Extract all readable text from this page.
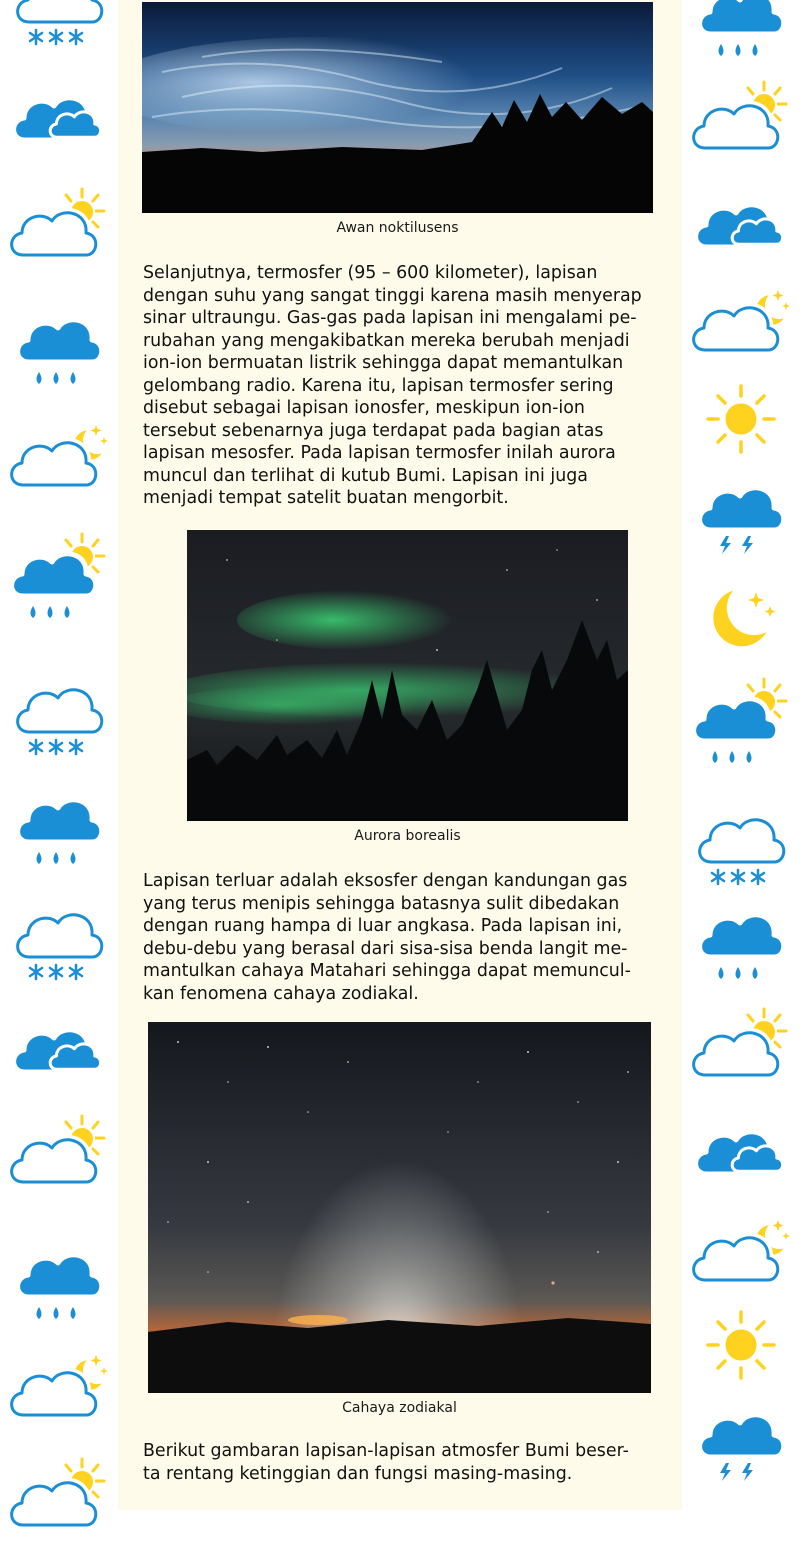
Awan noktilusens
Selanjutnya, termosfer (95 – 600 kilometer), lapisan
dengan suhu yang sangat tinggi karena masih menyerap
sinar ultraungu. Gas-gas pada lapisan ini mengalami pe-
rubahan yang mengakibatkan mereka berubah menjadi
ion-ion bermuatan listrik sehingga dapat memantulkan
gelombang radio. Karena itu, lapisan termosfer sering
disebut sebagai lapisan ionosfer, meskipun ion-ion
tersebut sebenarnya juga terdapat pada bagian atas
lapisan mesosfer. Pada lapisan termosfer inilah aurora
muncul dan terlihat di kutub Bumi. Lapisan ini juga
menjadi tempat satelit buatan mengorbit.
Aurora borealis
Lapisan terluar adalah eksosfer dengan kandungan gas
yang terus menipis sehingga batasnya sulit dibedakan
dengan ruang hampa di luar angkasa. Pada lapisan ini,
debu-debu yang berasal dari sisa-sisa benda langit me-
mantulkan cahaya Matahari sehingga dapat memuncul-
kan fenomena cahaya zodiakal.
Cahaya zodiakal
Berikut gambaran lapisan-lapisan atmosfer Bumi beser-
ta rentang ketinggian dan fungsi masing-masing.
